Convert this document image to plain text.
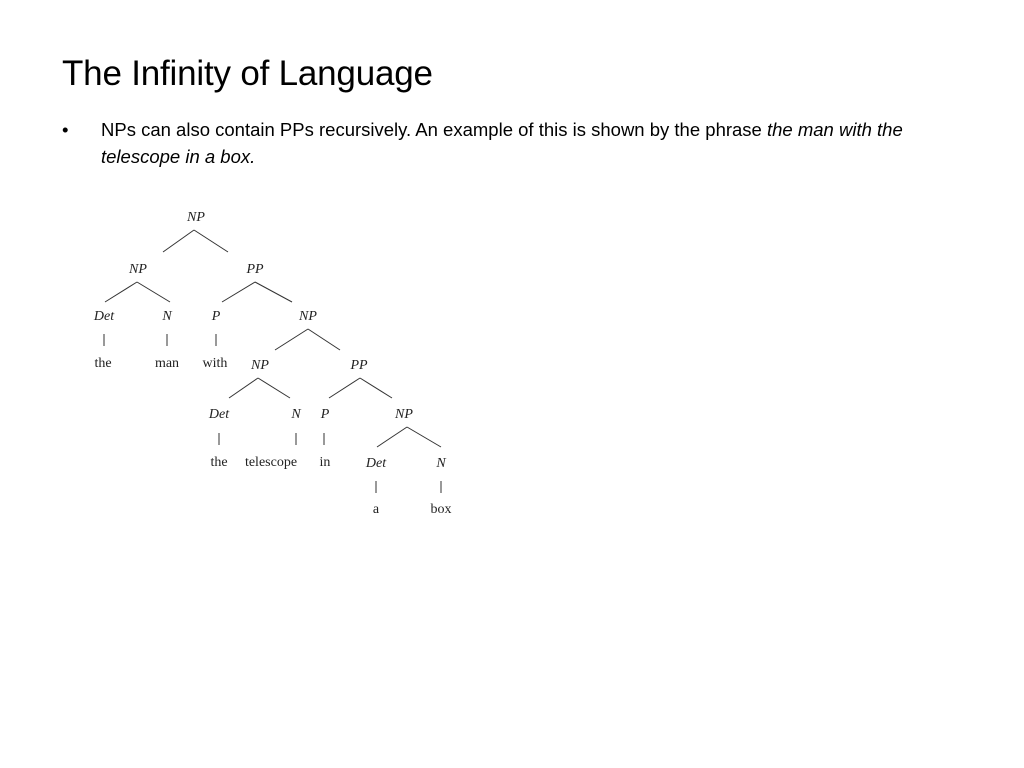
The Infinity of Language
• NPs can also contain PPs recursively. An example of this is shown by the phrase the man with the telescope in a box.
NP
NP	PP
Det	N	P	NP
NP	PP
Det	N P	NP
Det	N
the	man with
the telescope in
a	box
